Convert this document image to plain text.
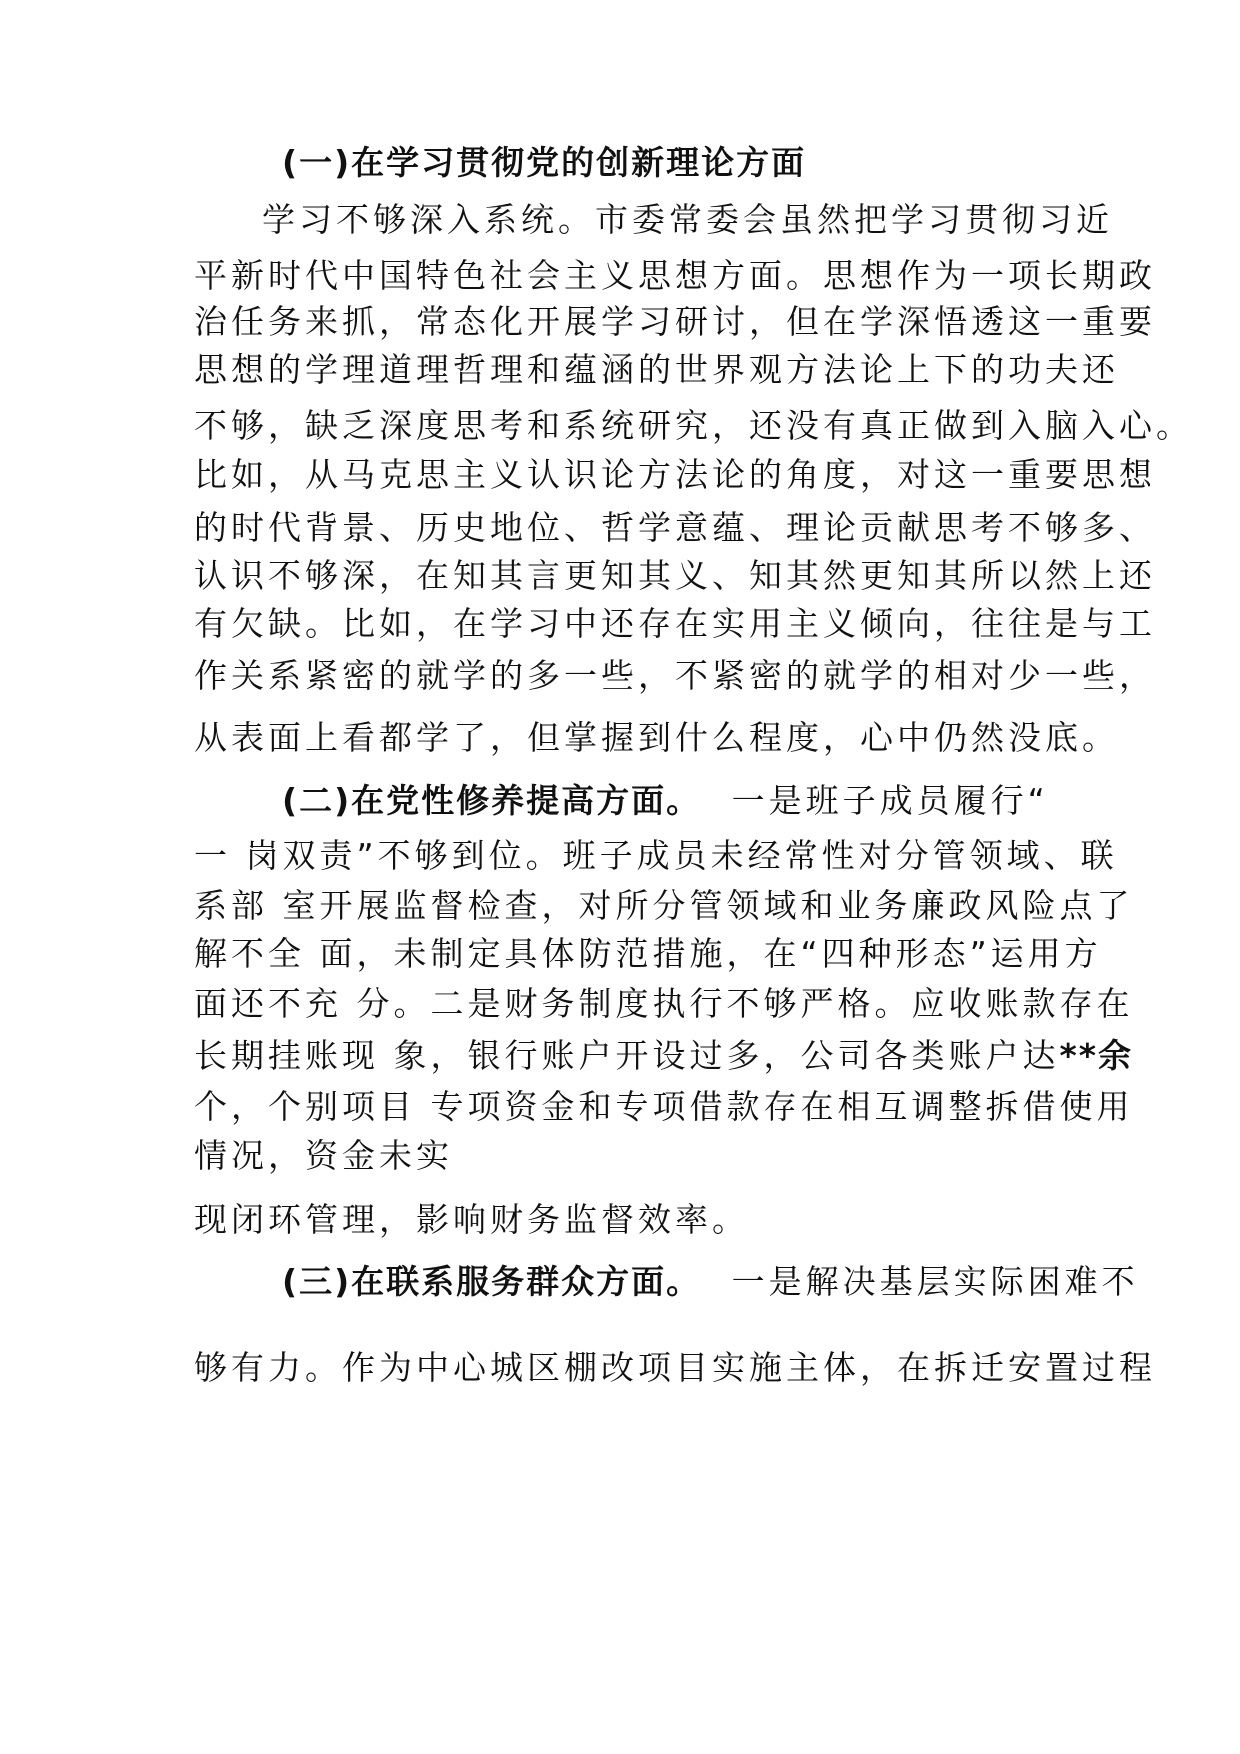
(一)在学习贯彻党的创新理论方面
学习不够深入系统。市委常委会虽然把学习贯彻习近
平新时代中国特色社会主义思想方面。思想作为一项长期政
治任务来抓，常态化开展学习研讨，但在学深悟透这一重要
思想的学理道理哲理和蕴涵的世界观方法论上下的功夫还
不够，缺乏深度思考和系统研究，还没有真正做到入脑入心。
比如，从马克思主义认识论方法论的角度，对这一重要思想
的时代背景、历史地位、哲学意蕴、理论贡献思考不够多、
认识不够深，在知其言更知其义、知其然更知其所以然上还
有欠缺。比如，在学习中还存在实用主义倾向，往往是与工
作关系紧密的就学的多一些，不紧密的就学的相对少一些，
从表面上看都学了，但掌握到什么程度，心中仍然没底。
(二)在党性修养提高方面。 一是班子成员履行“
一 岗双责”不够到位。班子成员未经常性对分管领域、联
系部 室开展监督检查，对所分管领域和业务廉政风险点了
解不全 面，未制定具体防范措施，在“四种形态”运用方
面还不充 分。二是财务制度执行不够严格。应收账款存在
长期挂账现 象，银行账户开设过多，公司各类账户达**余
个，个别项目 专项资金和专项借款存在相互调整拆借使用
情况，资金未实
现闭环管理，影响财务监督效率。
(三)在联系服务群众方面。 一是解决基层实际困难不
够有力。作为中心城区棚改项目实施主体，在拆迁安置过程
